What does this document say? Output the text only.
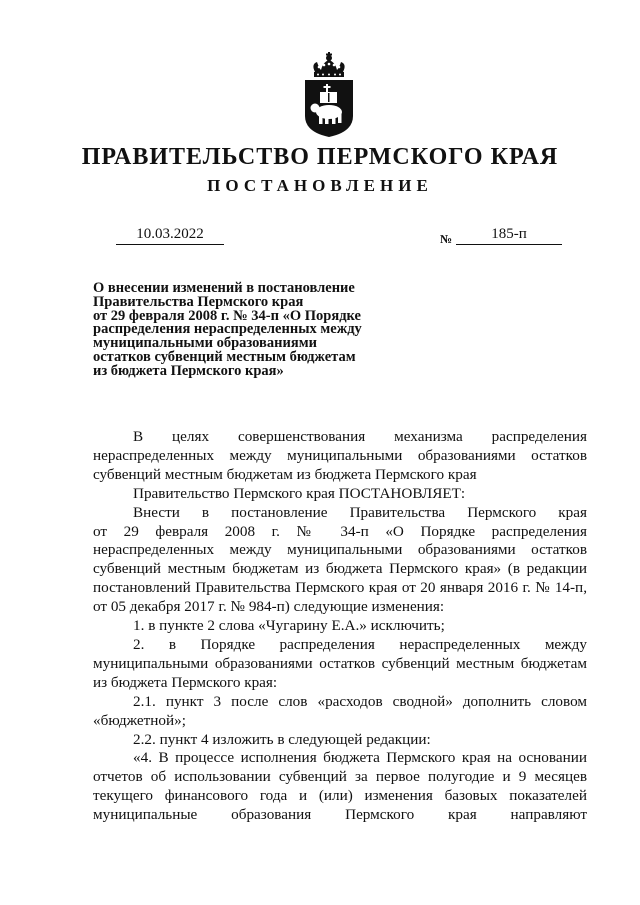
ПРАВИТЕЛЬСТВО ПЕРМСКОГО КРАЯ
ПОСТАНОВЛЕНИЕ
10.03.2022	№	185-п
О внесении изменений в постановление
Правительства Пермского края
от 29 февраля 2008 г. № 34-п «О Порядке
распределения нераспределенных между
муниципальными образованиями
остатков субвенций местным бюджетам
из бюджета Пермского края»
В целях совершенствования механизма распределения
нераспределенных между муниципальными образованиями остатков
субвенций местным бюджетам из бюджета Пермского края
Правительство Пермского края ПОСТАНОВЛЯЕТ:
Внести в постановление Правительства Пермского края
от 29 февраля 2008 г. № 34-п «О Порядке распределения
нераспределенных между муниципальными образованиями остатков
субвенций местным бюджетам из бюджета Пермского края» (в редакции
постановлений Правительства Пермского края от 20 января 2016 г. № 14-п,
от 05 декабря 2017 г. № 984-п) следующие изменения:
1. в пункте 2 слова «Чугарину Е.А.» исключить;
2. в Порядке распределения нераспределенных между
муниципальными образованиями остатков субвенций местным бюджетам
из бюджета Пермского края:
2.1. пункт 3 после слов «расходов сводной» дополнить словом
«бюджетной»;
2.2. пункт 4 изложить в следующей редакции:
«4. В процессе исполнения бюджета Пермского края на основании
отчетов об использовании субвенций за первое полугодие и 9 месяцев
текущего финансового года и (или) изменения базовых показателей
муниципальные образования Пермского края направляют
